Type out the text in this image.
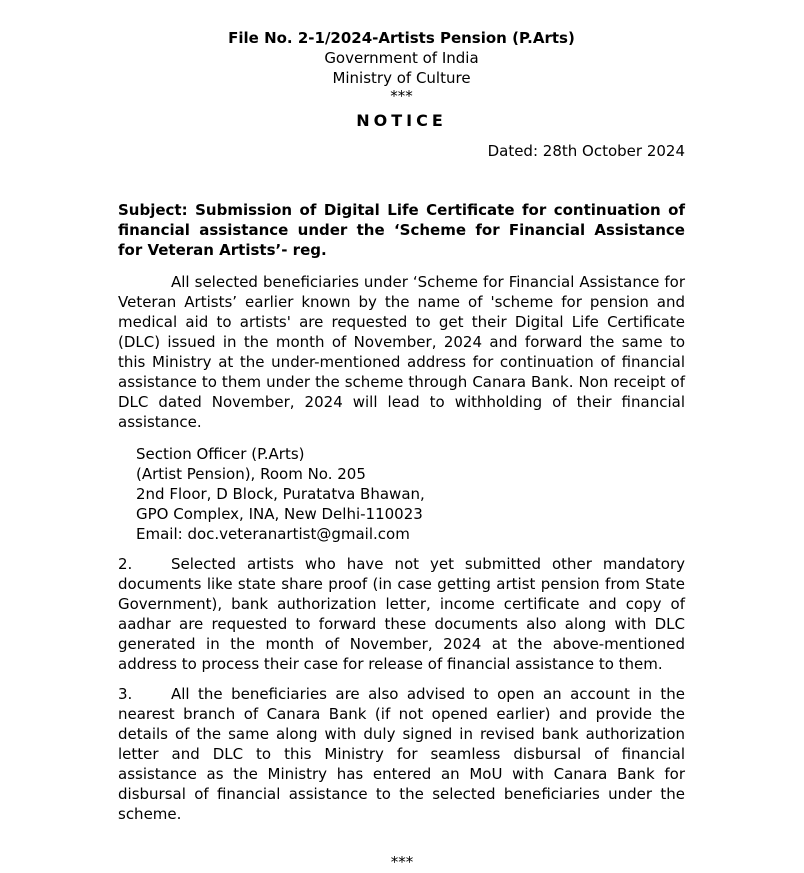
File No. 2-1/2024-Artists Pension (P.Arts)

Government of India

Ministry of Culture

***

NOTICE
Dated: 28th October 2024
Subject: Submission of Digital Life Certificate for continuation of financial assistance under the ‘Scheme for Financial Assistance for Veteran Artists’- reg.

All selected beneficiaries under ‘Scheme for Financial Assistance for Veteran Artists’ earlier known by the name of 'scheme for pension and medical aid to artists' are requested to get their Digital Life Certificate (DLC) issued in the month of November, 2024 and forward the same to this Ministry at the under-mentioned address for continuation of financial assistance to them under the scheme through Canara Bank. Non receipt of DLC dated November, 2024 will lead to withholding of their financial assistance.

Section Officer (P.Arts)
(Artist Pension), Room No. 205
2nd Floor, D Block, Puratatva Bhawan,
GPO Complex, INA, New Delhi-110023
Email: doc.veteranartist@gmail.com

2.	Selected artists who have not yet submitted other mandatory documents like state share proof (in case getting artist pension from State Government), bank authorization letter, income certificate and copy of aadhar are requested to forward these documents also along with DLC generated in the month of November, 2024 at the above-mentioned address to process their case for release of financial assistance to them.

3.	All the beneficiaries are also advised to open an account in the nearest branch of Canara Bank (if not opened earlier) and provide the details of the same along with duly signed in revised bank authorization letter and DLC to this Ministry for seamless disbursal of financial assistance as the Ministry has entered an MoU with Canara Bank for disbursal of financial assistance to the selected beneficiaries under the scheme.

***
